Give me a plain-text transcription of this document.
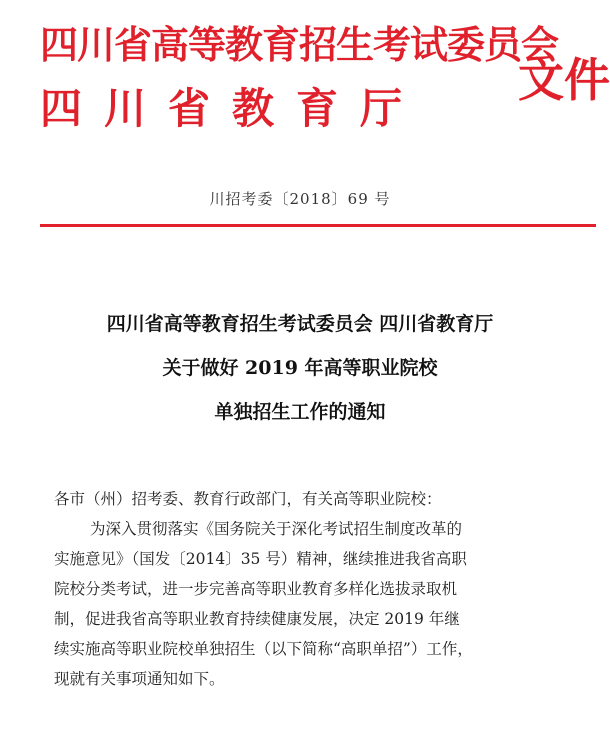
四川省高等教育招生考试委员会
四川省教育厅
文件
川招考委〔2018〕69 号
四川省高等教育招生考试委员会 四川省教育厅
关于做好 2019 年高等职业院校
单独招生工作的通知
各市（州）招考委、教育行政部门，有关高等职业院校：
为深入贯彻落实《国务院关于深化考试招生制度改革的
实施意见》（国发〔2014〕35 号）精神，继续推进我省高职
院校分类考试，进一步完善高等职业教育多样化选拔录取机
制，促进我省高等职业教育持续健康发展，决定 2019 年继
续实施高等职业院校单独招生（以下简称“高职单招”）工作，
现就有关事项通知如下。
